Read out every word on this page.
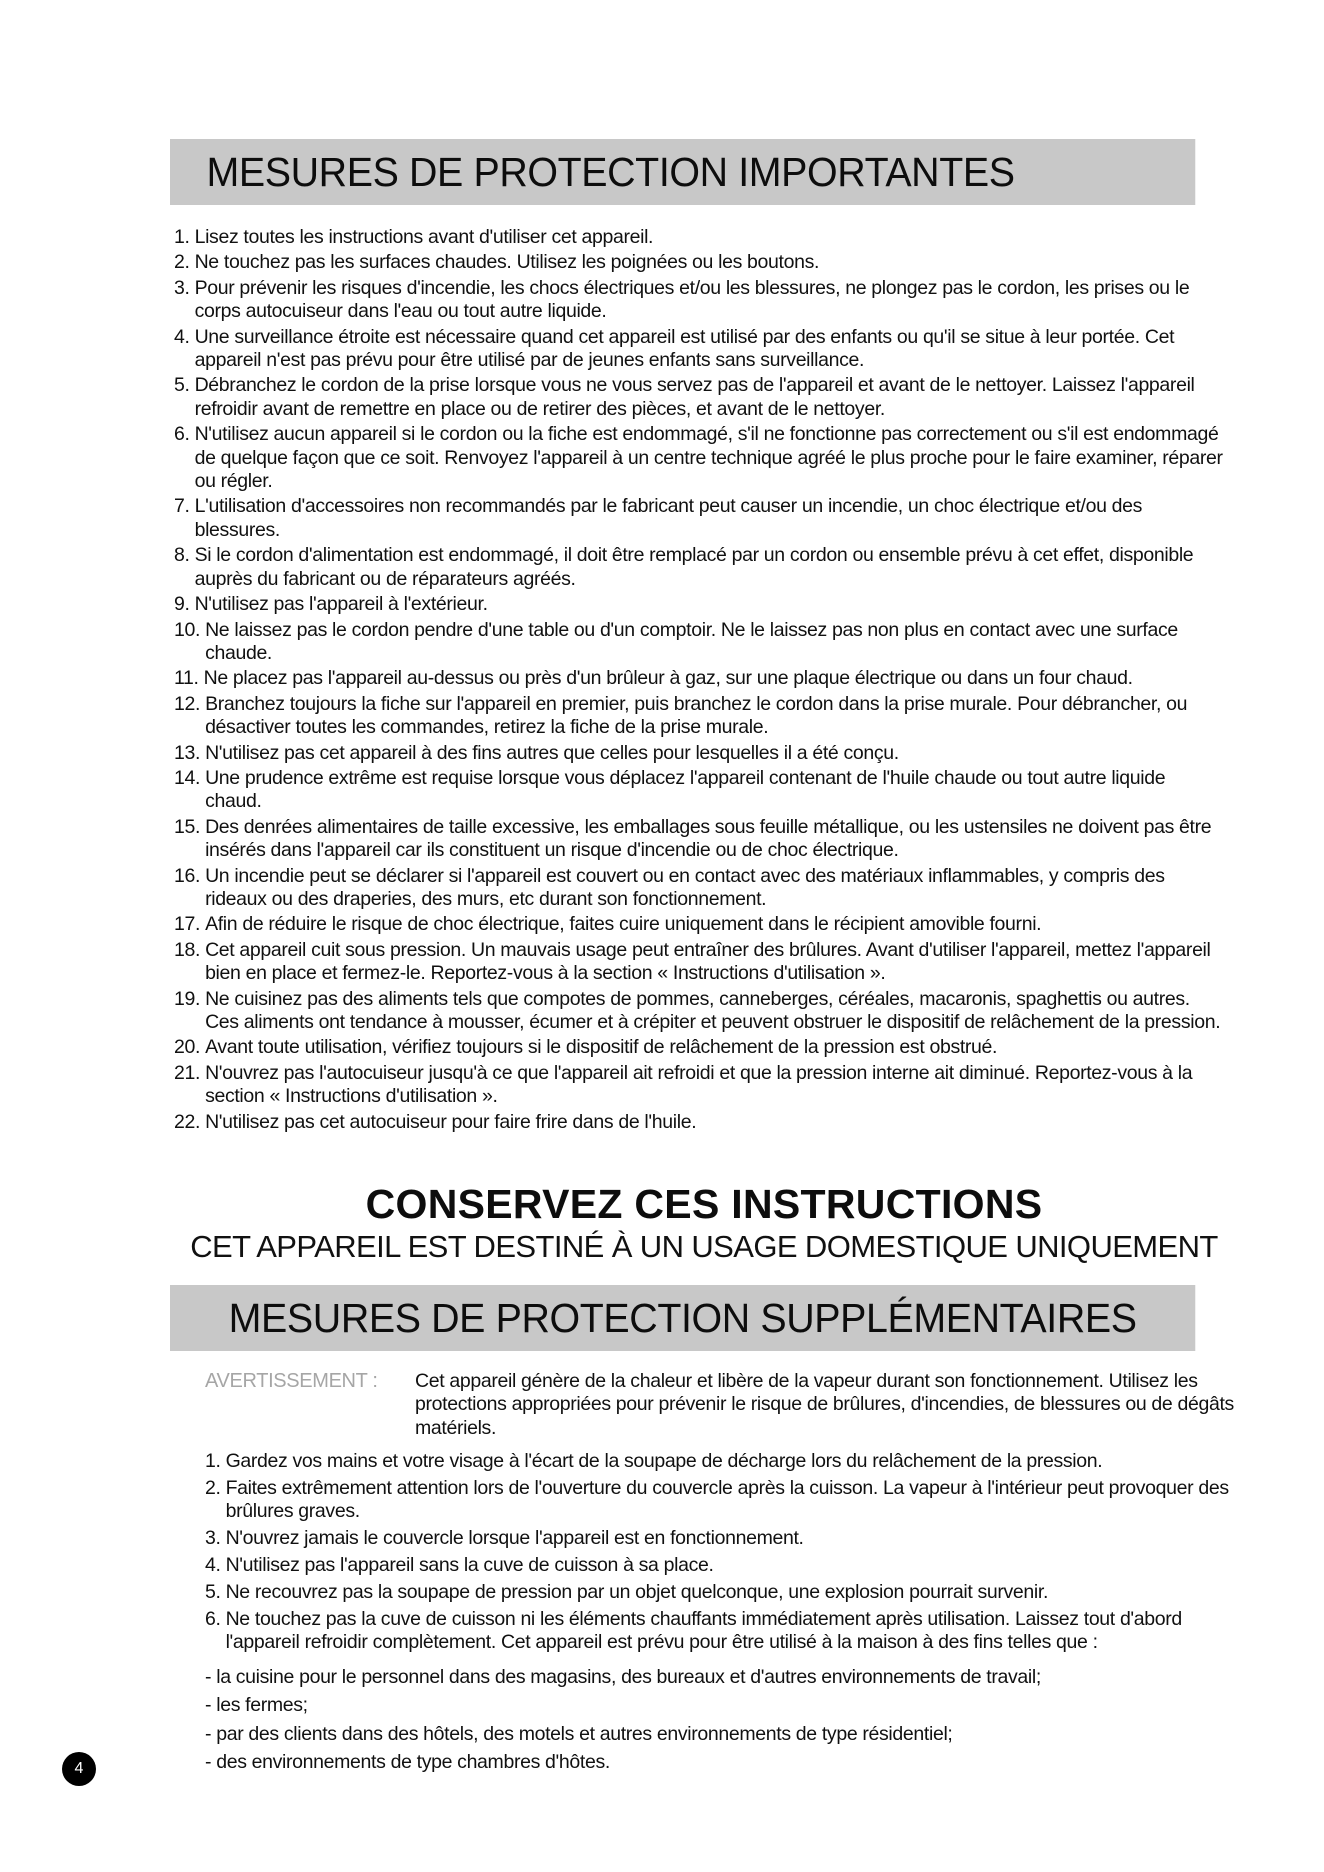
MESURES DE PROTECTION IMPORTANTES
1. Lisez toutes les instructions avant d'utiliser cet appareil.
2. Ne touchez pas les surfaces chaudes. Utilisez les poignées ou les boutons.
3. Pour prévenir les risques d'incendie, les chocs électriques et/ou les blessures, ne plongez pas le cordon, les prises ou le corps autocuiseur dans l'eau ou tout autre liquide.
4. Une surveillance étroite est nécessaire quand cet appareil est utilisé par des enfants ou qu'il se situe à leur portée. Cet appareil n'est pas prévu pour être utilisé par de jeunes enfants sans surveillance.
5. Débranchez le cordon de la prise lorsque vous ne vous servez pas de l'appareil et avant de le nettoyer. Laissez l'appareil refroidir avant de remettre en place ou de retirer des pièces, et avant de le nettoyer.
6. N'utilisez aucun appareil si le cordon ou la fiche est endommagé, s'il ne fonctionne pas correctement ou s'il est endommagé de quelque façon que ce soit. Renvoyez l'appareil à un centre technique agréé le plus proche pour le faire examiner, réparer ou régler.
7. L'utilisation d'accessoires non recommandés par le fabricant peut causer un incendie, un choc électrique et/ou des blessures.
8. Si le cordon d'alimentation est endommagé, il doit être remplacé par un cordon ou ensemble prévu à cet effet, disponible auprès du fabricant ou de réparateurs agréés.
9. N'utilisez pas l'appareil à l'extérieur.
10. Ne laissez pas le cordon pendre d'une table ou d'un comptoir. Ne le laissez pas non plus en contact avec une surface chaude.
11. Ne placez pas l'appareil au-dessus ou près d'un brûleur à gaz, sur une plaque électrique ou dans un four chaud.
12. Branchez toujours la fiche sur l'appareil en premier, puis branchez le cordon dans la prise murale. Pour débrancher, ou désactiver toutes les commandes, retirez la fiche de la prise murale.
13. N'utilisez pas cet appareil à des fins autres que celles pour lesquelles il a été conçu.
14. Une prudence extrême est requise lorsque vous déplacez l'appareil contenant de l'huile chaude ou tout autre liquide chaud.
15. Des denrées alimentaires de taille excessive, les emballages sous feuille métallique, ou les ustensiles ne doivent pas être insérés dans l'appareil car ils constituent un risque d'incendie ou de choc électrique.
16. Un incendie peut se déclarer si l'appareil est couvert ou en contact avec des matériaux inflammables, y compris des rideaux ou des draperies, des murs, etc durant son fonctionnement.
17. Afin de réduire le risque de choc électrique, faites cuire uniquement dans le récipient amovible fourni.
18. Cet appareil cuit sous pression. Un mauvais usage peut entraîner des brûlures. Avant d'utiliser l'appareil, mettez l'appareil bien en place et fermez-le. Reportez-vous à la section « Instructions d'utilisation ».
19. Ne cuisinez pas des aliments tels que compotes de pommes, canneberges, céréales, macaronis, spaghettis ou autres. Ces aliments ont tendance à mousser, écumer et à crépiter et peuvent obstruer le dispositif de relâchement de la pression.
20. Avant toute utilisation, vérifiez toujours si le dispositif de relâchement de la pression est obstrué.
21. N'ouvrez pas l'autocuiseur jusqu'à ce que l'appareil ait refroidi et que la pression interne ait diminué. Reportez-vous à la section « Instructions d'utilisation ».
22. N'utilisez pas cet autocuiseur pour faire frire dans de l'huile.
CONSERVEZ CES INSTRUCTIONS
CET APPAREIL EST DESTINÉ À UN USAGE DOMESTIQUE UNIQUEMENT
MESURES DE PROTECTION SUPPLÉMENTAIRES
AVERTISSEMENT :	Cet appareil génère de la chaleur et libère de la vapeur durant son fonctionnement. Utilisez les protections appropriées pour prévenir le risque de brûlures, d'incendies, de blessures ou de dégâts matériels.
1. Gardez vos mains et votre visage à l'écart de la soupape de décharge lors du relâchement de la pression.
2. Faites extrêmement attention lors de l'ouverture du couvercle après la cuisson. La vapeur à l'intérieur peut provoquer des brûlures graves.
3. N'ouvrez jamais le couvercle lorsque l'appareil est en fonctionnement.
4. N'utilisez pas l'appareil sans la cuve de cuisson à sa place.
5. Ne recouvrez pas la soupape de pression par un objet quelconque, une explosion pourrait survenir.
6. Ne touchez pas la cuve de cuisson ni les éléments chauffants immédiatement après utilisation. Laissez tout d'abord l'appareil refroidir complètement. Cet appareil est prévu pour être utilisé à la maison à des fins telles que :
- la cuisine pour le personnel dans des magasins, des bureaux et d'autres environnements de travail;
- les fermes;
- par des clients dans des hôtels, des motels et autres environnements de type résidentiel;
- des environnements de type chambres d'hôtes.
4
